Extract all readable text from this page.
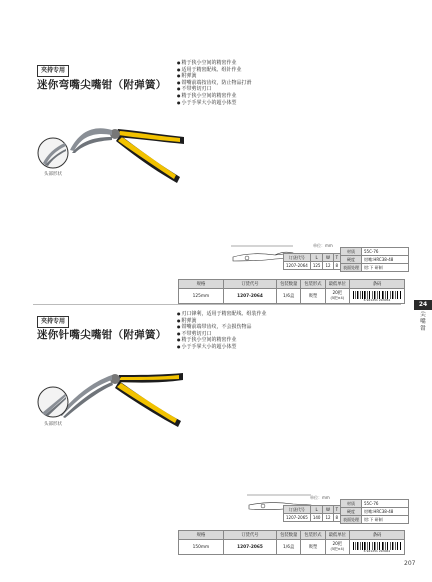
夹持专用
迷你弯嘴尖嘴钳（附弹簧）
● 精于狭小空间的精密作业
● 适用于精密配线、组针作业
● 附弹簧
● 钳嘴前端按齿纹，防止物品打滑
● 不带剪切刃口
● 精于狭小空间的精密作业
● 小于手掌大小的超小体型
头部形状
单位：mm
订货代号	L	W	T
1207-2064	125	12	8
材质	55C-76
硬度	钳嘴:HRC38-48
表面处理	钳:下 研制
规格	订货代号	包装数量	包装形式	最低单位	条码
125mm	1207-2064	1/6盒	吸塑	20把
(5把×4)	6 921251 293054
夹持专用
迷你针嘴尖嘴钳（附弹簧）
● 刃口锋利，适用于精密配线、组装作业
● 附弹簧
● 钳嘴前端带齿纹，不会损伤物品
● 不带剪切刃口
● 精于狭小空间的精密作业
● 小于手掌大小的超小体型
头部形状
单位：mm
订货代号	L	W	T
1207-2065	140	12	8
材质	55C-76
硬度	钳嘴:HRC38-48
表面处理	钳:下 研制
规格	订货代号	包装数量	包装形式	最低单位	条码
150mm	1207-2065	1/6盒	吸塑	20把
(5把×4)	6 921251 293061
24
尖
嘴
钳
207
